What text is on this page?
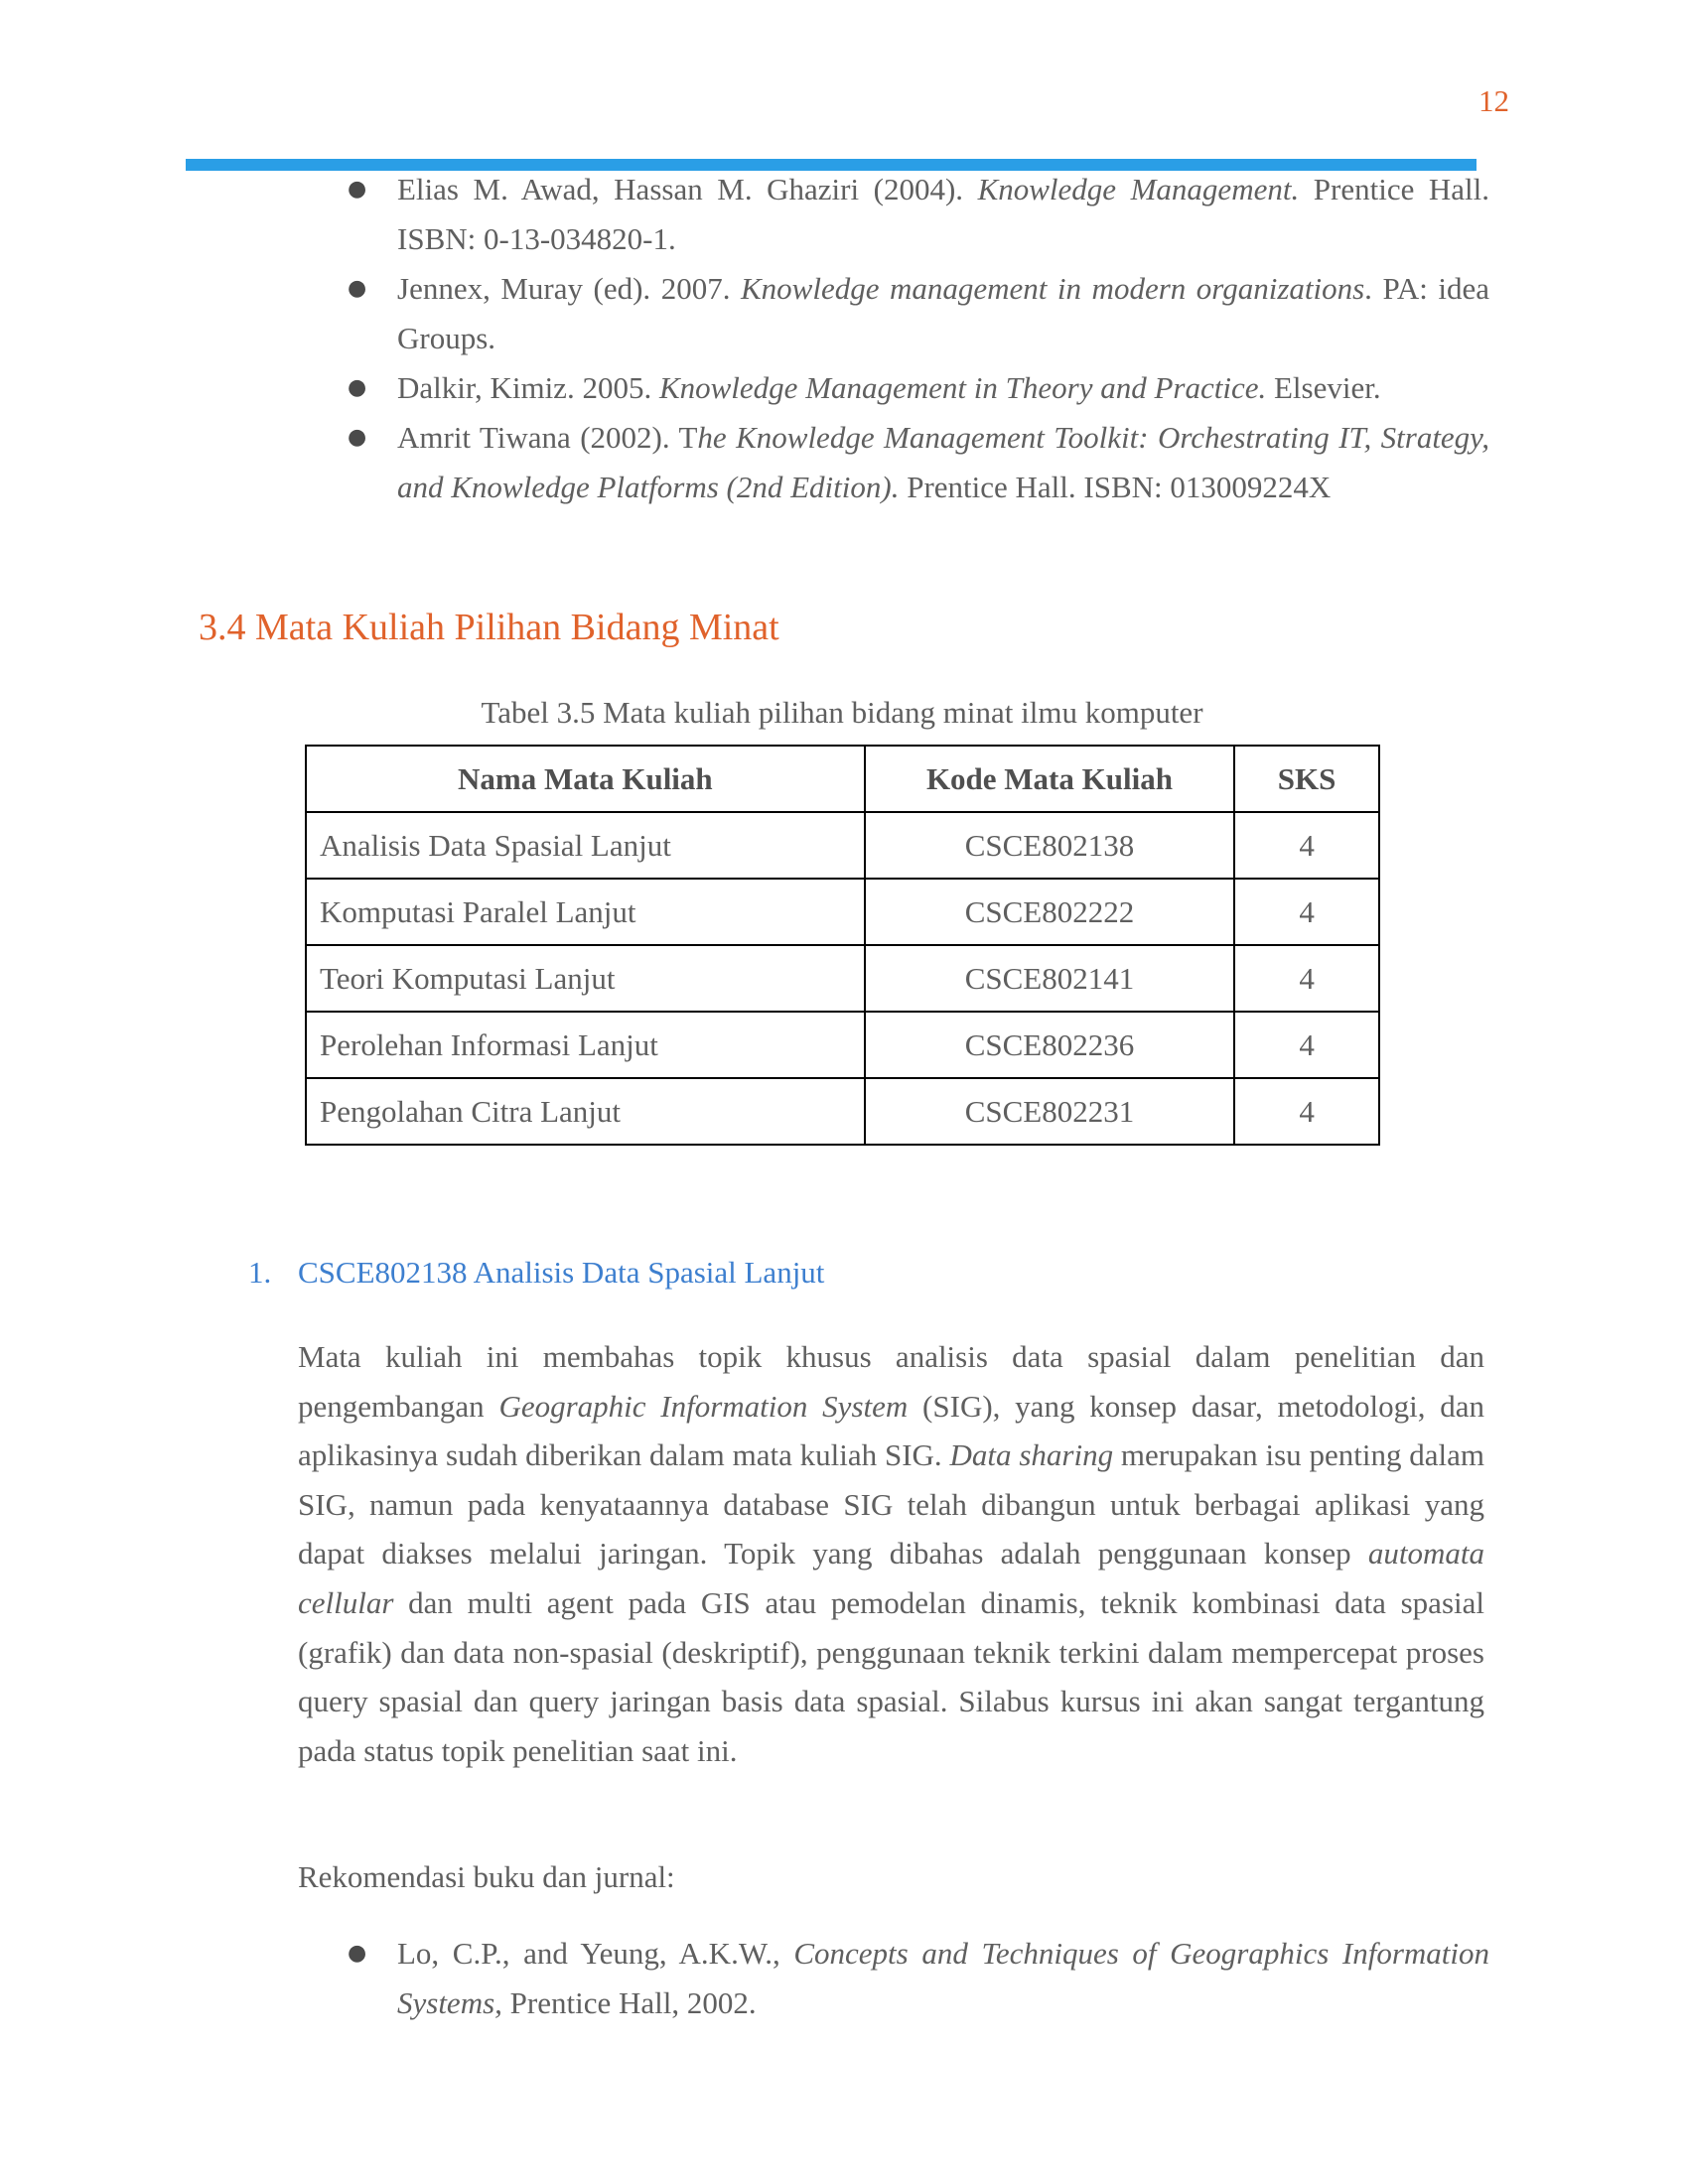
12
● Elias M. Awad, Hassan M. Ghaziri (2004). Knowledge Management. Prentice Hall. ISBN: 0-13-034820-1.
● Jennex, Muray (ed). 2007. Knowledge management in modern organizations. PA: idea Groups.
● Dalkir, Kimiz. 2005. Knowledge Management in Theory and Practice. Elsevier.
● Amrit Tiwana (2002). The Knowledge Management Toolkit: Orchestrating IT, Strategy, and Knowledge Platforms (2nd Edition). Prentice Hall. ISBN: 013009224X
3.4 Mata Kuliah Pilihan Bidang Minat
Tabel 3.5 Mata kuliah pilihan bidang minat ilmu komputer
Nama Mata Kuliah	Kode Mata Kuliah	SKS
Analisis Data Spasial Lanjut	CSCE802138	4
Komputasi Paralel Lanjut	CSCE802222	4
Teori Komputasi Lanjut	CSCE802141	4
Perolehan Informasi Lanjut	CSCE802236	4
Pengolahan Citra Lanjut	CSCE802231	4
1. CSCE802138 Analisis Data Spasial Lanjut

Mata kuliah ini membahas topik khusus analisis data spasial dalam penelitian dan pengembangan Geographic Information System (SIG), yang konsep dasar, metodologi, dan aplikasinya sudah diberikan dalam mata kuliah SIG. Data sharing merupakan isu penting dalam SIG, namun pada kenyataannya database SIG telah dibangun untuk berbagai aplikasi yang dapat diakses melalui jaringan. Topik yang dibahas adalah penggunaan konsep automata cellular dan multi agent pada GIS atau pemodelan dinamis, teknik kombinasi data spasial (grafik) dan data non-spasial (deskriptif), penggunaan teknik terkini dalam mempercepat proses query spasial dan query jaringan basis data spasial. Silabus kursus ini akan sangat tergantung pada status topik penelitian saat ini.

Rekomendasi buku dan jurnal:

● Lo, C.P., and Yeung, A.K.W., Concepts and Techniques of Geographics Information Systems, Prentice Hall, 2002.
